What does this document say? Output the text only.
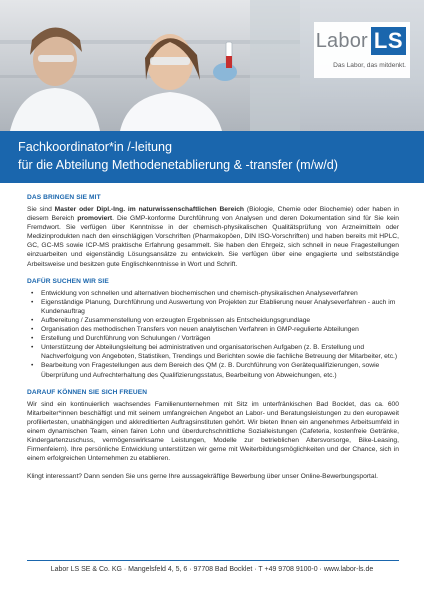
Labor LS
Das Labor, das mitdenkt.
Fachkoordinator*in /-leitung
für die Abteilung Methodenetablierung & -transfer (m/w/d)
DAS BRINGEN SIE MIT

Sie sind Master oder Dipl.-Ing. im naturwissenschaftlichen Bereich (Biologie, Chemie oder Biochemie) oder haben in diesem Bereich promoviert. Die GMP-konforme Durchführung von Analysen und deren Dokumentation sind für Sie kein Fremdwort. Sie verfügen über Kenntnisse in der chemisch-physikalischen Qualitätsprüfung von Arzneimitteln oder Medizinprodukten nach den einschlägigen Vorschriften (Pharmakopöen, DIN ISO-Vorschriften) und haben bereits mit HPLC, GC, GC-MS sowie ICP-MS praktische Erfahrung gesammelt. Sie haben den Ehrgeiz, sich schnell in neue Fragestellungen einzuarbeiten und eigenständig Lösungsansätze zu entwickeln. Sie verfügen über eine engagierte und selbstständige Arbeitsweise und besitzen gute Englischkenntnisse in Wort und Schrift.

DAFÜR SUCHEN WIR SIE
• Entwicklung von schnellen und alternativen biochemischen und chemisch-physikalischen Analyseverfahren
• Eigenständige Planung, Durchführung und Auswertung von Projekten zur Etablierung neuer Analyseverfahren - auch im Kundenauftrag
• Aufbereitung / Zusammenstellung von erzeugten Ergebnissen als Entscheidungsgrundlage
• Organisation des methodischen Transfers von neuen analytischen Verfahren in GMP-regulierte Abteilungen
• Erstellung und Durchführung von Schulungen / Vorträgen
• Unterstützung der Abteilungsleitung bei administrativen und organisatorischen Aufgaben (z. B. Erstellung und Nachverfolgung von Angeboten, Statistiken, Trendings und Berichten sowie die fachliche Betreuung der Mitarbeiter, etc.)
• Bearbeitung von Fragestellungen aus dem Bereich des QM (z. B. Durchführung von Gerätequalifizierungen, sowie Überprüfung und Aufrechterhaltung des Qualifizierungsstatus, Bearbeitung von Abweichungen, etc.)
DARAUF KÖNNEN SIE SICH FREUEN

Wir sind ein kontinuierlich wachsendes Familienunternehmen mit Sitz im unterfränkischen Bad Bocklet, das ca. 600 Mitarbeiter*innen beschäftigt und mit seinem umfangreichen Angebot an Labor- und Beratungsleistungen zu den europaweit profiliertesten, unabhängigen und akkreditierten Auftragsinstituten gehört. Wir bieten Ihnen ein angenehmes Arbeitsumfeld in einem dynamischen Team, einen fairen Lohn und überdurchschnittliche Sozialleistungen (Cafeteria, kostenfreie Getränke, Kindergartenzuschuss, vermögenswirksame Leistungen, Modelle zur betrieblichen Altersvorsorge, Bike-Leasing, Firmenfeiern). Ihre persönliche Entwicklung unterstützen wir gerne mit Weiterbildungsmöglichkeiten und der Chance, sich in einem erfolgreichen Unternehmen zu etablieren.

Klingt interessant? Dann senden Sie uns gerne Ihre aussagekräftige Bewerbung über unser Online-Bewerbungsportal.

Labor LS SE & Co. KG · Mangelsfeld 4, 5, 6 · 97708 Bad Bocklet · T +49 9708 9100-0 · www.labor-ls.de
